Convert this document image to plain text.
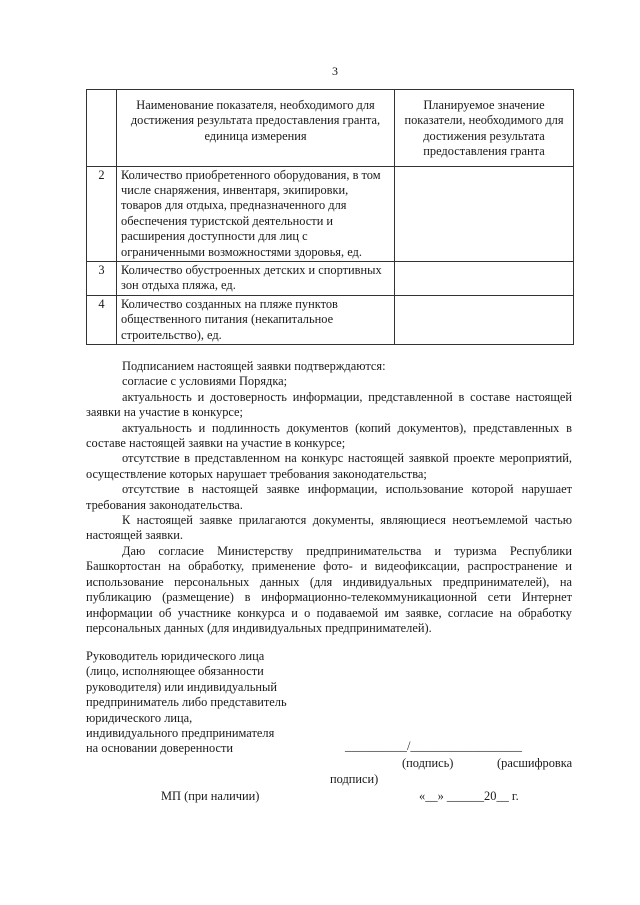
3
	Наименование показателя, необходимого для достижения результата предоставления гранта, единица измерения	Планируемое значение показатели, необходимого для достижения результата предоставления гранта
2	Количество приобретенного оборудования, в том числе снаряжения, инвентаря, экипировки, товаров для отдыха, предназначенного для обеспечения туристской деятельности и расширения доступности для лиц с ограниченными возможностями здоровья, ед.	
3	Количество обустроенных детских и спортивных зон отдыха пляжа, ед.	
4	Количество созданных на пляже пунктов общественного питания (некапитальное строительство), ед.	

Подписанием настоящей заявки подтверждаются:

согласие с условиями Порядка;

актуальность и достоверность информации, представленной в составе настоящей заявки на участие в конкурсе;

актуальность и подлинность документов (копий документов), представленных в составе настоящей заявки на участие в конкурсе;

отсутствие в представленном на конкурс настоящей заявкой проекте мероприятий, осуществление которых нарушает требования законодательства;

отсутствие в настоящей заявке информации, использование которой нарушает требования законодательства.

К настоящей заявке прилагаются документы, являющиеся неотъемлемой частью настоящей заявки.

Даю согласие Министерству предпринимательства и туризма Республики Башкортостан на обработку, применение фото- и видеофиксации, распространение и использование персональных данных (для индивидуальных предпринимателей), на публикацию (размещение) в информационно-телекоммуникационной сети Интернет информации об участнике конкурса и о подаваемой им заявке, согласие на обработку персональных данных (для индивидуальных предпринимателей).

Руководитель юридического лица
(лицо, исполняющее обязанности
руководителя) или индивидуальный
предприниматель либо представитель
юридического лица,
индивидуального предпринимателя
на основании доверенности	__________/__________________
(подпись)	(расшифровка
подписи)
МП (при наличии)	«__» ______20__ г.
